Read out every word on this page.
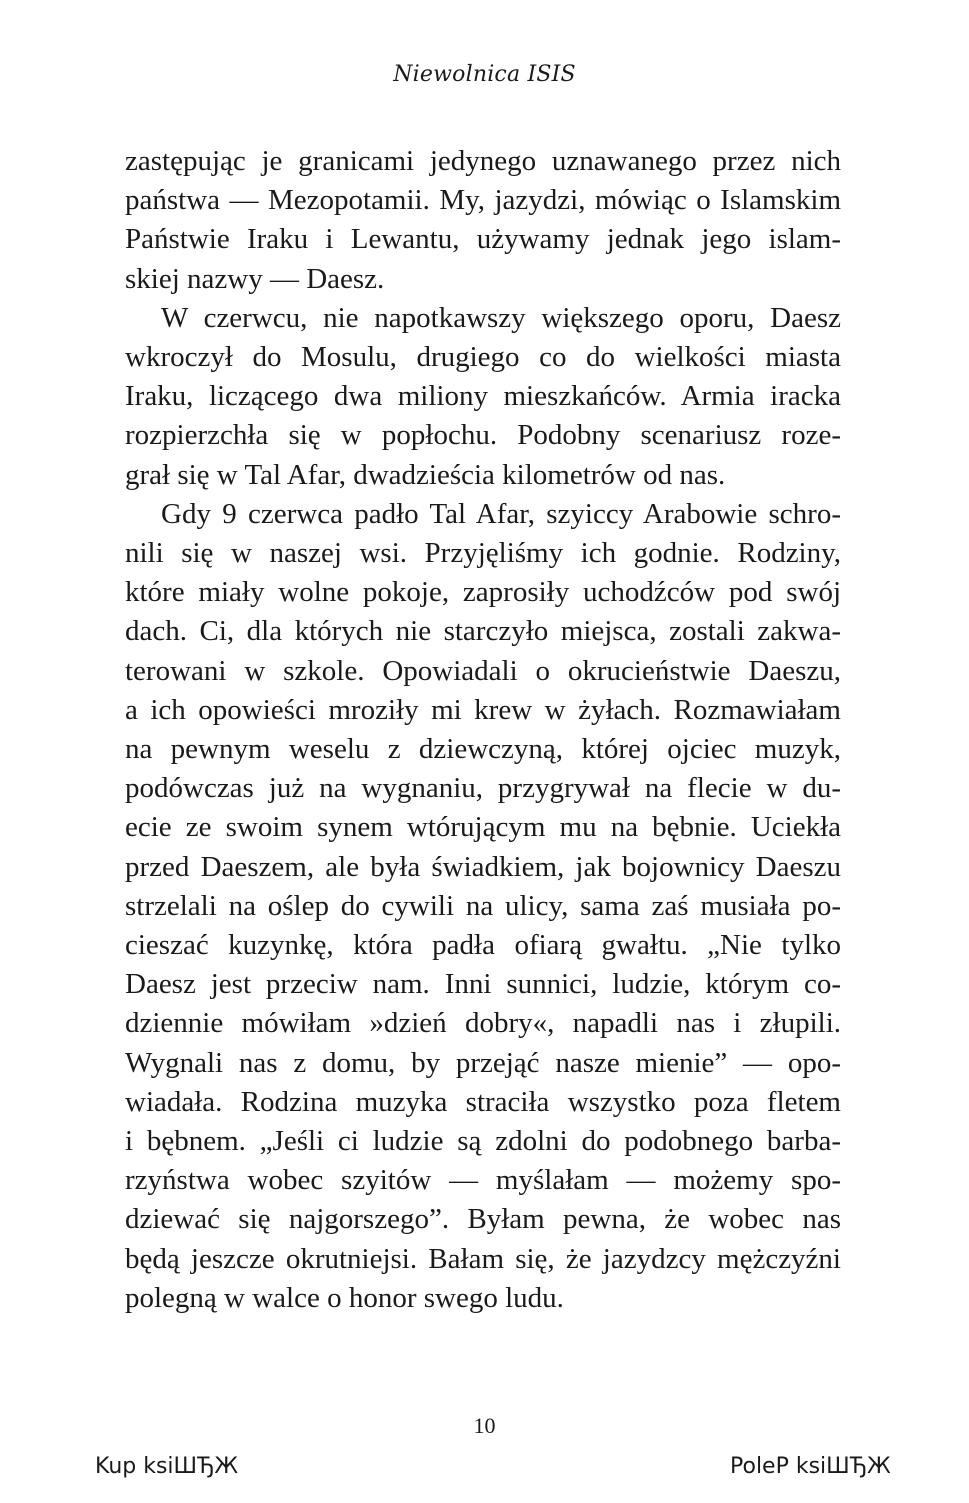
Niewolnica ISIS

zastępując je granicami jedynego uznawanego przez nich
państwa — Mezopotamii. My, jazydzi, mówiąc o Islamskim
Państwie Iraku i Lewantu, używamy jednak jego islam-
skiej nazwy — Daesz.

W czerwcu, nie napotkawszy większego oporu, Daesz
wkroczył do Mosulu, drugiego co do wielkości miasta
Iraku, liczącego dwa miliony mieszkańców. Armia iracka
rozpierzchła się w popłochu. Podobny scenariusz roze-
grał się w Tal Afar, dwadzieścia kilometrów od nas.

Gdy 9 czerwca padło Tal Afar, szyiccy Arabowie schro-
nili się w naszej wsi. Przyjęliśmy ich godnie. Rodziny,
które miały wolne pokoje, zaprosiły uchodźców pod swój
dach. Ci, dla których nie starczyło miejsca, zostali zakwa-
terowani w szkole. Opowiadali o okrucieństwie Daeszu,
a ich opowieści mroziły mi krew w żyłach. Rozmawiałam
na pewnym weselu z dziewczyną, której ojciec muzyk,
podówczas już na wygnaniu, przygrywał na flecie w du-
ecie ze swoim synem wtórującym mu na bębnie. Uciekła
przed Daeszem, ale była świadkiem, jak bojownicy Daeszu
strzelali na oślep do cywili na ulicy, sama zaś musiała po-
cieszać kuzynkę, która padła ofiarą gwałtu. „Nie tylko
Daesz jest przeciw nam. Inni sunnici, ludzie, którym co-
dziennie mówiłam »dzień dobry«, napadli nas i złupili.
Wygnali nas z domu, by przejąć nasze mienie” — opo-
wiadała. Rodzina muzyka straciła wszystko poza fletem
i bębnem. „Jeśli ci ludzie są zdolni do podobnego barba-
rzyństwa wobec szyitów — myślałam — możemy spo-
dziewać się najgorszego”. Byłam pewna, że wobec nas
będą jeszcze okrutniejsi. Bałam się, że jazydzcy mężczyźni
polegną w walce o honor swego ludu.

10
Kup ksiШЂЖ	PoleP ksiШЂЖ
